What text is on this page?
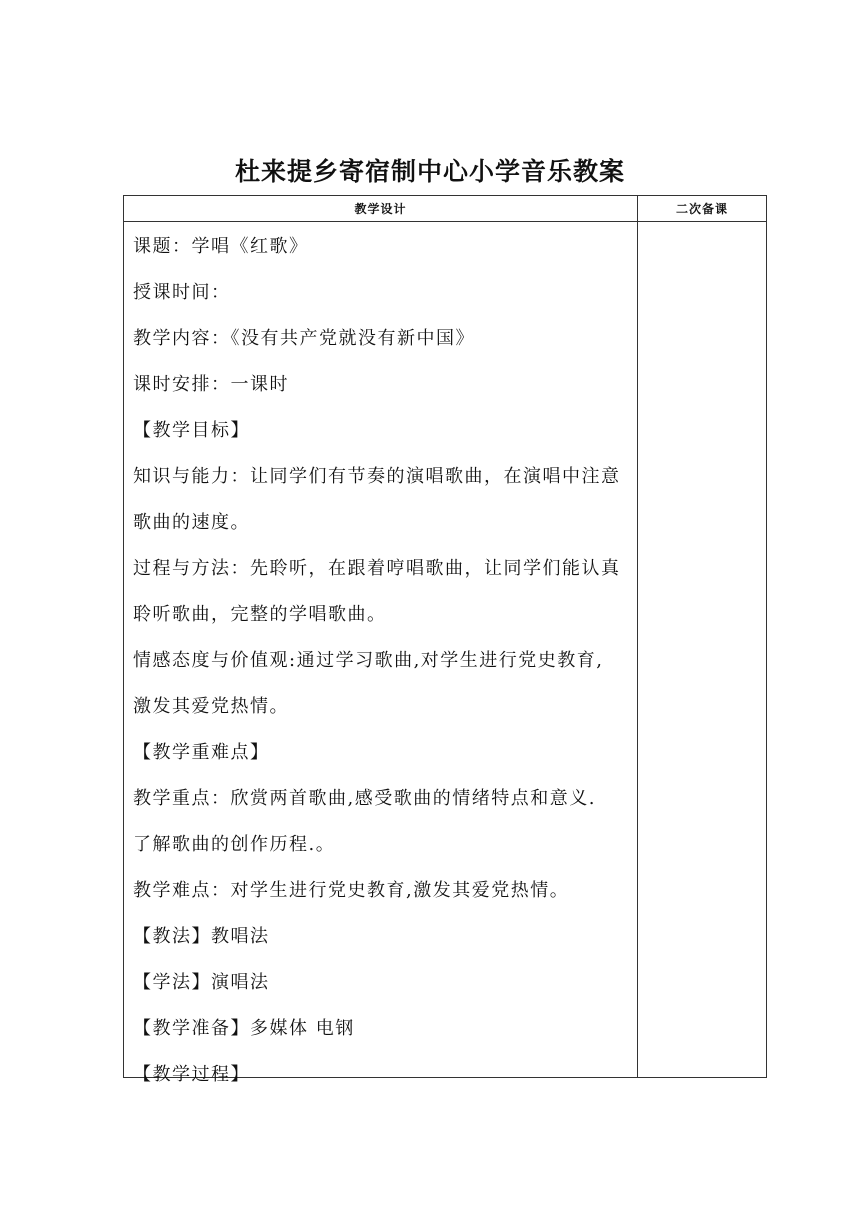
杜来提乡寄宿制中心小学音乐教案
教学设计	二次备课
课题：学唱《红歌》
授课时间：
教学内容：《没有共产党就没有新中国》
课时安排：一课时
【教学目标】
知识与能力：让同学们有节奏的演唱歌曲，在演唱中注意
歌曲的速度。
过程与方法：先聆听，在跟着哼唱歌曲，让同学们能认真
聆听歌曲，完整的学唱歌曲。
情感态度与价值观:通过学习歌曲,对学生进行党史教育,
激发其爱党热情。
【教学重难点】
教学重点：欣赏两首歌曲,感受歌曲的情绪特点和意义.
了解歌曲的创作历程.。
教学难点：对学生进行党史教育,激发其爱党热情。
【教法】教唱法
【学法】演唱法
【教学准备】多媒体 电钢
【教学过程】
